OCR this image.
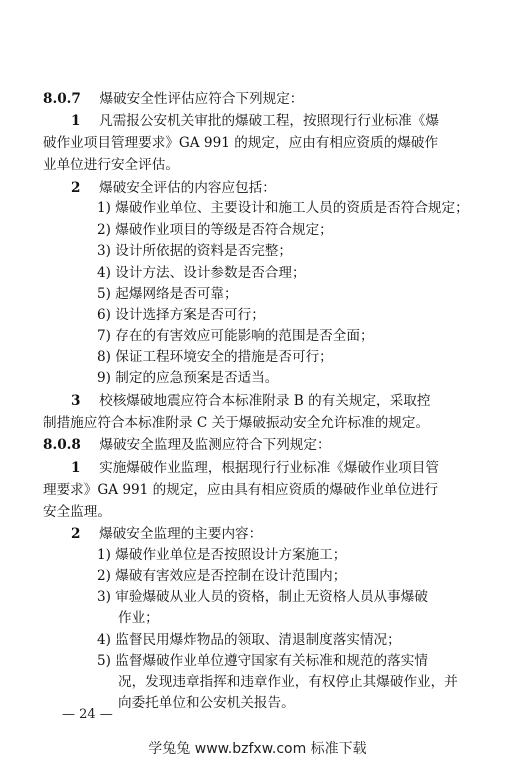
8.0.7 爆破安全性评估应符合下列规定：
1 凡需报公安机关审批的爆破工程，按照现行行业标准《爆
破作业项目管理要求》GA 991 的规定，应由有相应资质的爆破作
业单位进行安全评估。
2 爆破安全评估的内容应包括：
1) 爆破作业单位、主要设计和施工人员的资质是否符合规定；
2) 爆破作业项目的等级是否符合规定；
3) 设计所依据的资料是否完整；
4) 设计方法、设计参数是否合理；
5) 起爆网络是否可靠；
6) 设计选择方案是否可行；
7) 存在的有害效应可能影响的范围是否全面；
8) 保证工程环境安全的措施是否可行；
9) 制定的应急预案是否适当。
3 校核爆破地震应符合本标准附录 B 的有关规定，采取控
制措施应符合本标准附录 C 关于爆破振动安全允许标准的规定。
8.0.8 爆破安全监理及监测应符合下列规定：
1 实施爆破作业监理，根据现行行业标准《爆破作业项目管
理要求》GA 991 的规定，应由具有相应资质的爆破作业单位进行
安全监理。
2 爆破安全监理的主要内容：
1) 爆破作业单位是否按照设计方案施工；
2) 爆破有害效应是否控制在设计范围内；
3) 审验爆破从业人员的资格，制止无资格人员从事爆破
作业；
4) 监督民用爆炸物品的领取、清退制度落实情况；
5) 监督爆破作业单位遵守国家有关标准和规范的落实情
况，发现违章指挥和违章作业，有权停止其爆破作业，并
向委托单位和公安机关报告。
— 24 —
学兔兔 www.bzfxw.com 标准下载
